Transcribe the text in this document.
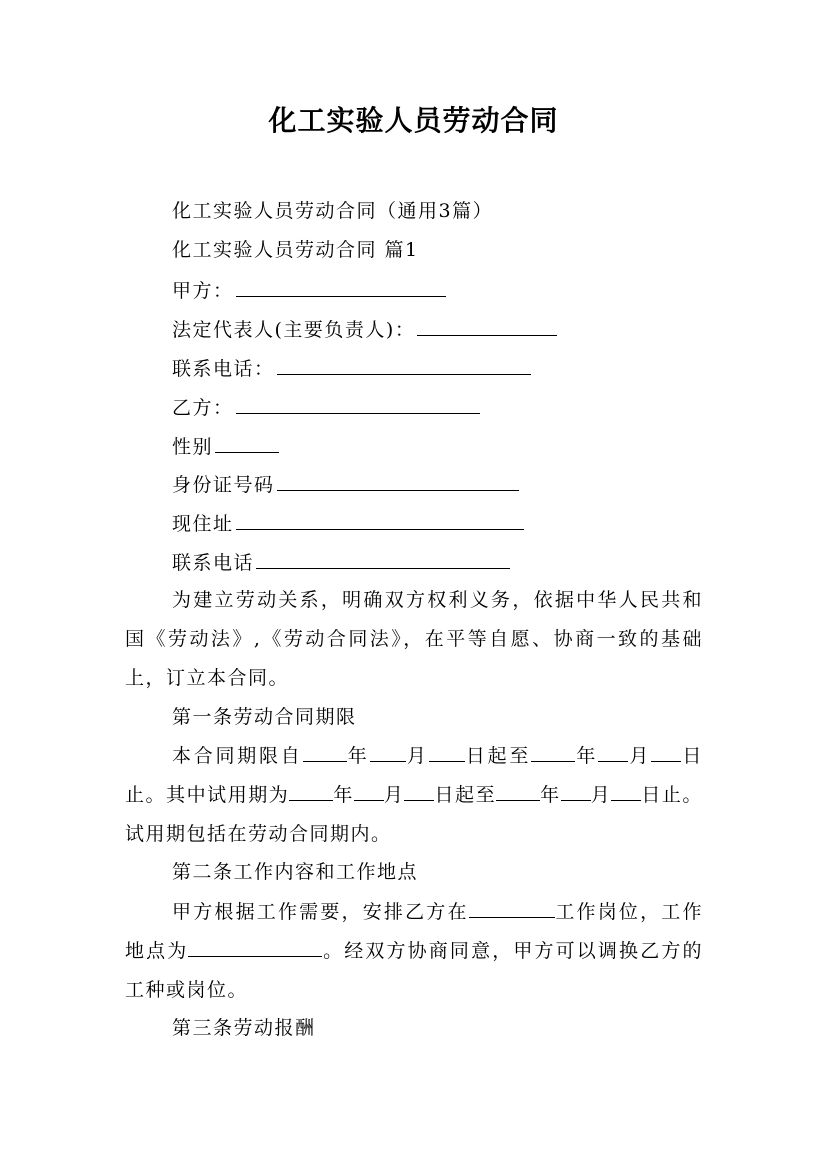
化工实验人员劳动合同
化工实验人员劳动合同（通用3篇）
化工实验人员劳动合同 篇1
甲方：
法定代表人(主要负责人)：
联系电话：
乙方：
性别
身份证号码
现住址
联系电话
为建立劳动关系，明确双方权利义务，依据中华人民共和国《劳动法》,《劳动合同法》，在平等自愿、协商一致的基础上，订立本合同。
第一条劳动合同期限
本合同期限自 年 月 日起至 年 月 日止。其中试用期为 年 月 日起至 年 月 日止。试用期包括在劳动合同期内。
第二条工作内容和工作地点
甲方根据工作需要，安排乙方在	工作岗位，工作地点为	。经双方协商同意，甲方可以调换乙方的工种或岗位。
第三条劳动报酬
